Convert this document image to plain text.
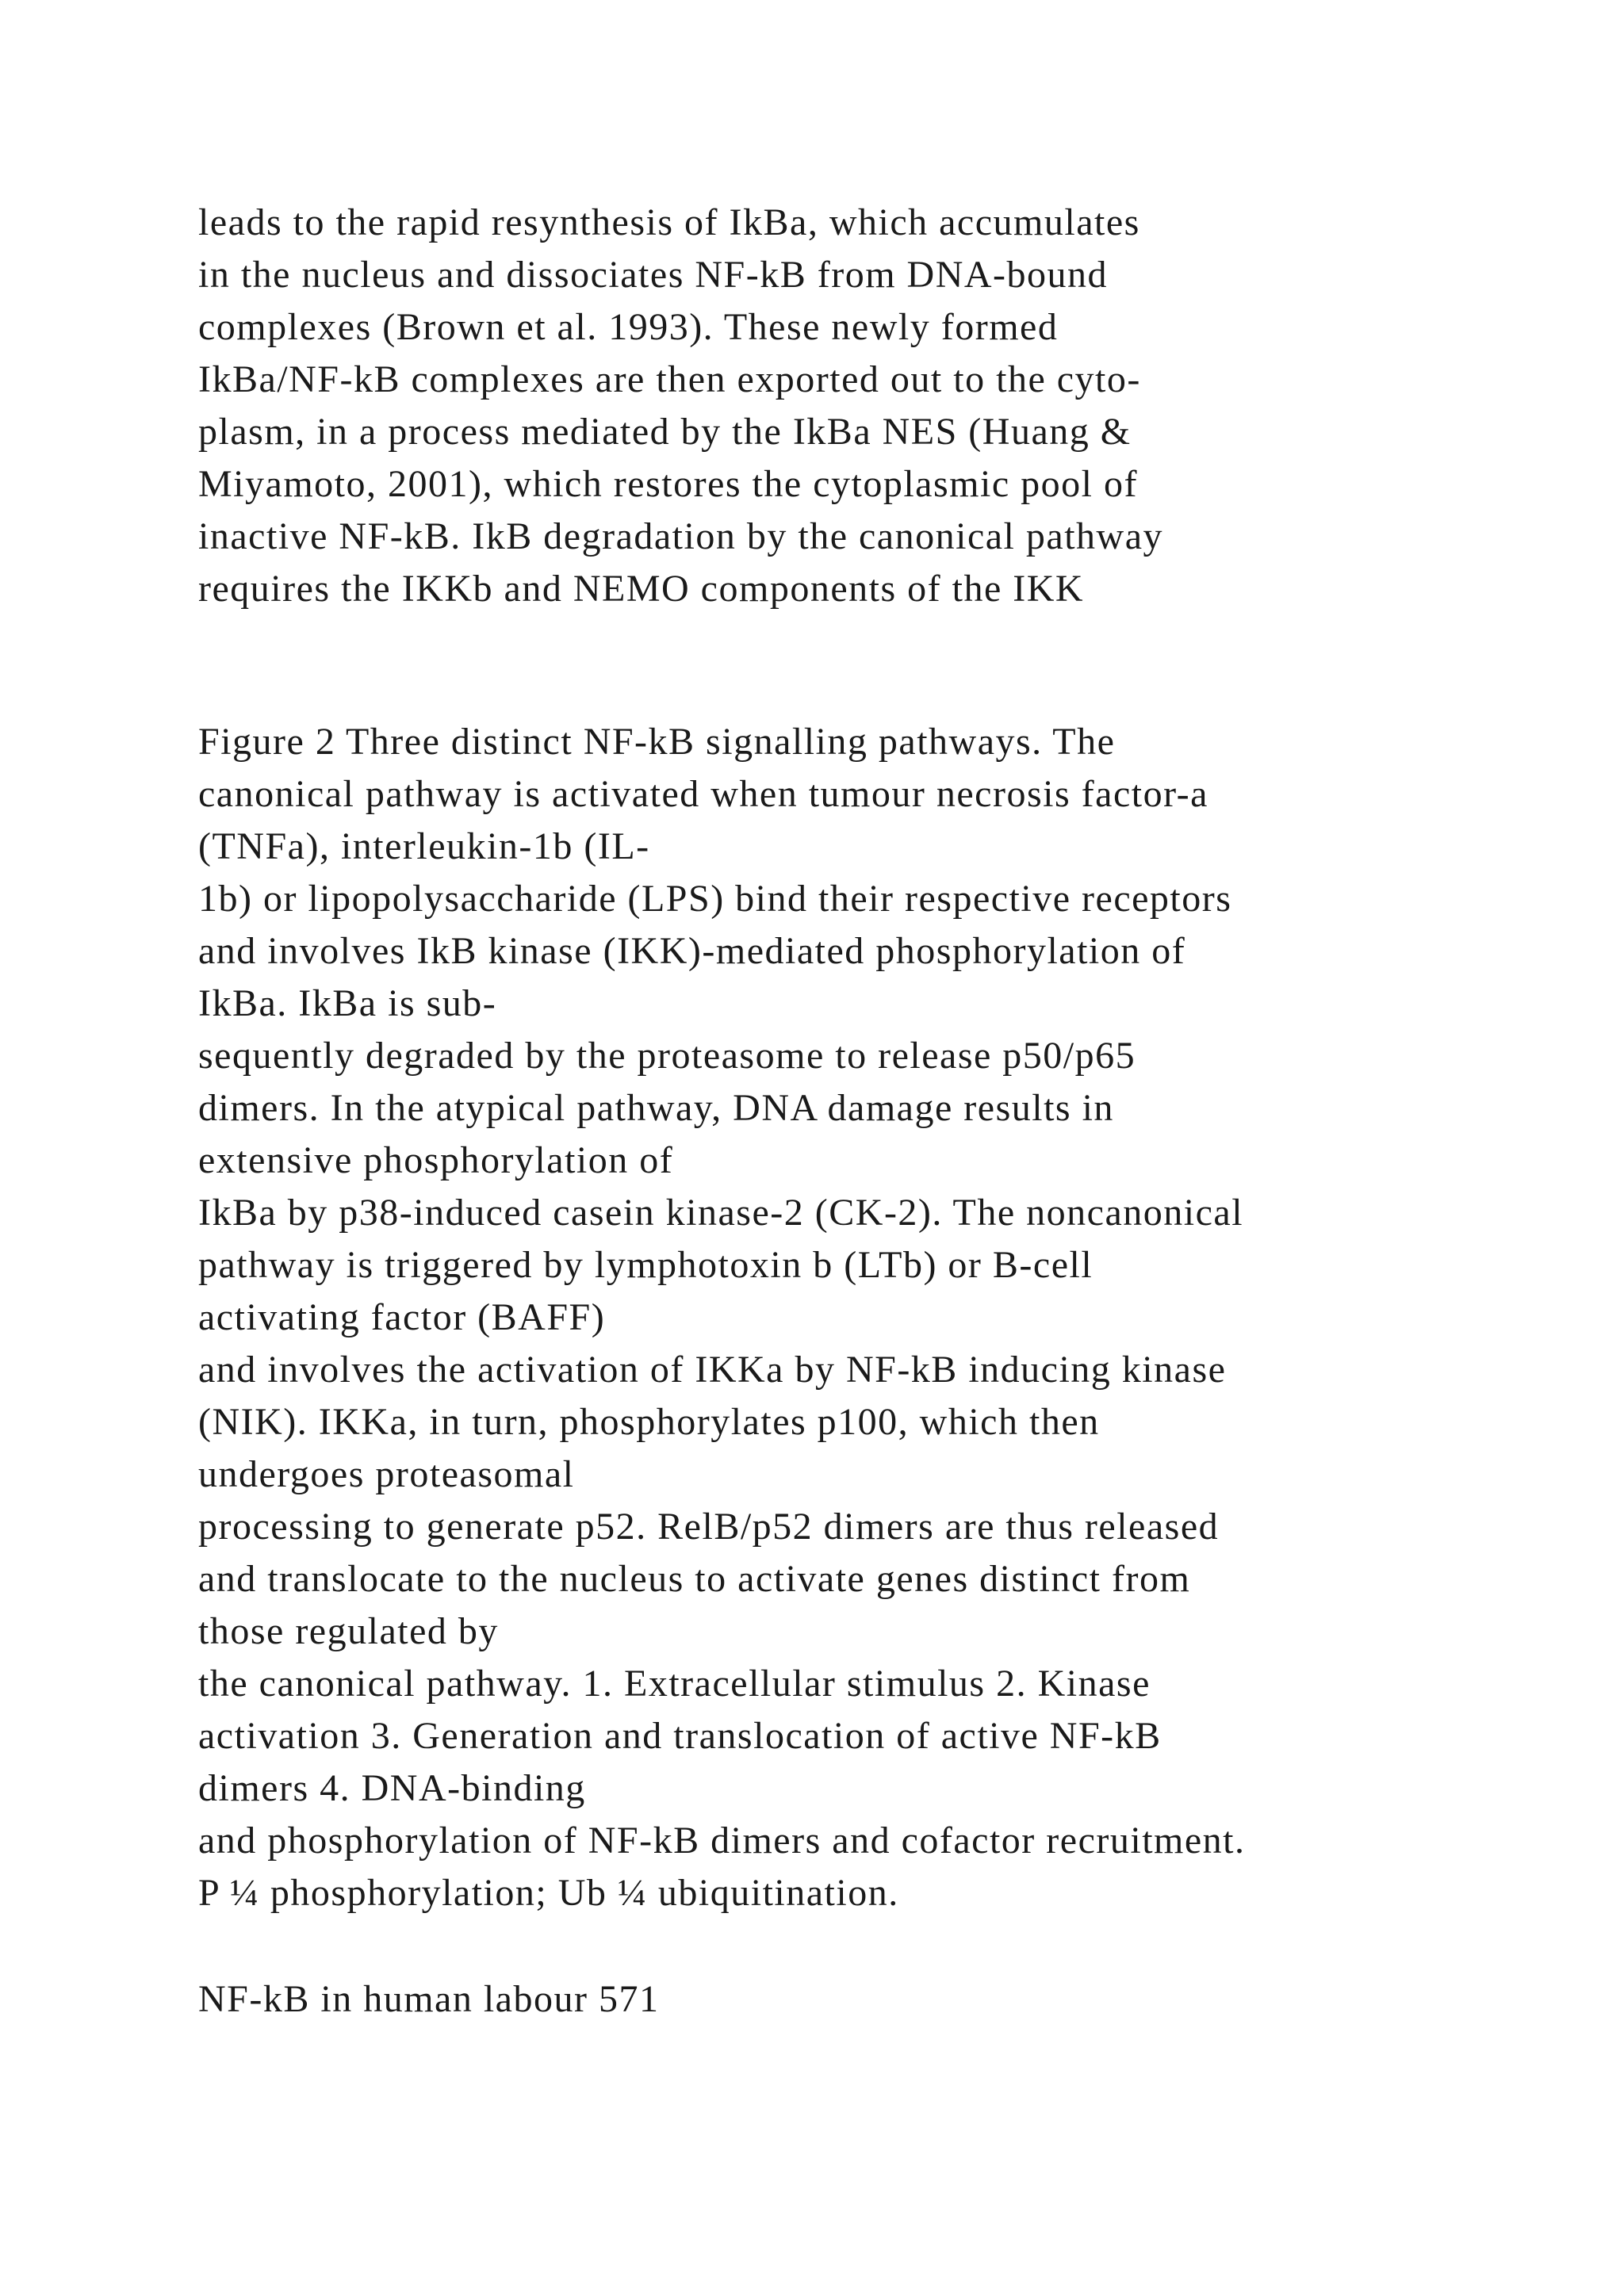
leads to the rapid resynthesis of IkBa, which accumulates
in the nucleus and dissociates NF-kB from DNA-bound
complexes (Brown et al. 1993). These newly formed
IkBa/NF-kB complexes are then exported out to the cyto-
plasm, in a process mediated by the IkBa NES (Huang &
Miyamoto, 2001), which restores the cytoplasmic pool of
inactive NF-kB. IkB degradation by the canonical pathway
requires the IKKb and NEMO components of the IKK
Figure 2 Three distinct NF-kB signalling pathways. The
canonical pathway is activated when tumour necrosis factor-a
(TNFa), interleukin-1b (IL-
1b) or lipopolysaccharide (LPS) bind their respective receptors
and involves IkB kinase (IKK)-mediated phosphorylation of
IkBa. IkBa is sub-
sequently degraded by the proteasome to release p50/p65
dimers. In the atypical pathway, DNA damage results in
extensive phosphorylation of
IkBa by p38-induced casein kinase-2 (CK-2). The noncanonical
pathway is triggered by lymphotoxin b (LTb) or B-cell
activating factor (BAFF)
and involves the activation of IKKa by NF-kB inducing kinase
(NIK). IKKa, in turn, phosphorylates p100, which then
undergoes proteasomal
processing to generate p52. RelB/p52 dimers are thus released
and translocate to the nucleus to activate genes distinct from
those regulated by
the canonical pathway. 1. Extracellular stimulus 2. Kinase
activation 3. Generation and translocation of active NF-kB
dimers 4. DNA-binding
and phosphorylation of NF-kB dimers and cofactor recruitment.
P ¼ phosphorylation; Ub ¼ ubiquitination.
NF-kB in human labour 571
